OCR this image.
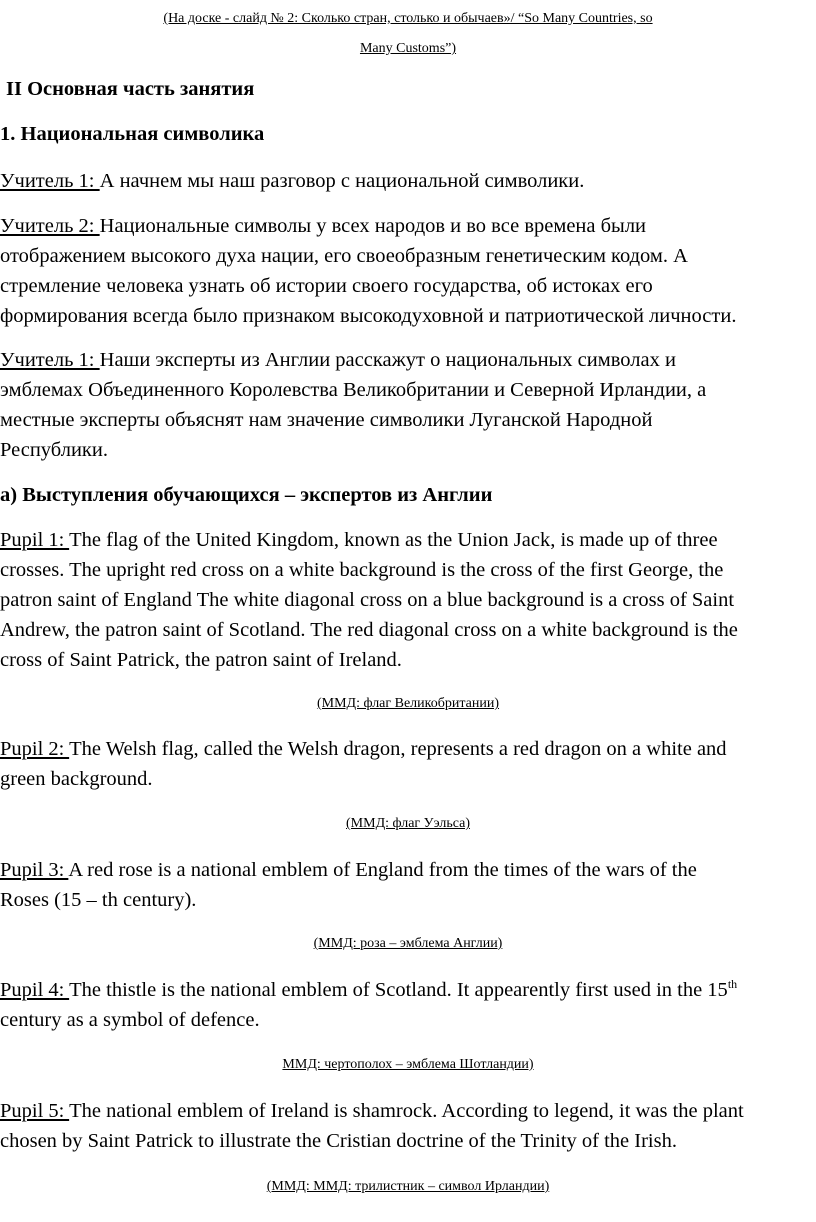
(На доске - слайд № 2: Сколько стран, столько и обычаев»/ “So Many Countries, so
Many Customs”)
II Основная часть занятия
1. Национальная символика
Учитель 1: А начнем мы наш разговор с национальной символики.
Учитель 2: Национальные символы у всех народов и во все времена были
отображением высокого духа нации, его своеобразным генетическим кодом. А
стремление человека узнать об истории своего государства, об истоках его
формирования всегда было признаком высокодуховной и патриотической личности.
Учитель 1: Наши эксперты из Англии расскажут о национальных символах и
эмблемах Объединенного Королевства Великобритании и Северной Ирландии, а
местные эксперты объяснят нам значение символики Луганской Народной
Республики.
а) Выступления обучающихся – экспертов из Англии
Pupil 1: The flag of the United Kingdom, known as the Union Jack, is made up of three
crosses. The upright red cross on a white background is the cross of the first George, the
patron saint of England The white diagonal cross on a blue background is a cross of Saint
Andrew, the patron saint of Scotland. The red diagonal cross on a white background is the
cross of Saint Patrick, the patron saint of Ireland.
(ММД: флаг Великобритании)
Pupil 2: The Welsh flag, called the Welsh dragon, represents a red dragon on a white and
green background.
(ММД: флаг Уэльса)
Pupil 3: A red rose is a national emblem of England from the times of the wars of the
Roses (15 – th century).
(ММД: роза – эмблема Англии)
Pupil 4: The thistle is the national emblem of Scotland. It appearently first used in the 15th
century as a symbol of defence.
ММД: чертополох – эмблема Шотландии)
Pupil 5: The national emblem of Ireland is shamrock. According to legend, it was the plant
chosen by Saint Patrick to illustrate the Cristian doctrine of the Trinity of the Irish.
(ММД: ММД: трилистник – символ Ирландии)
